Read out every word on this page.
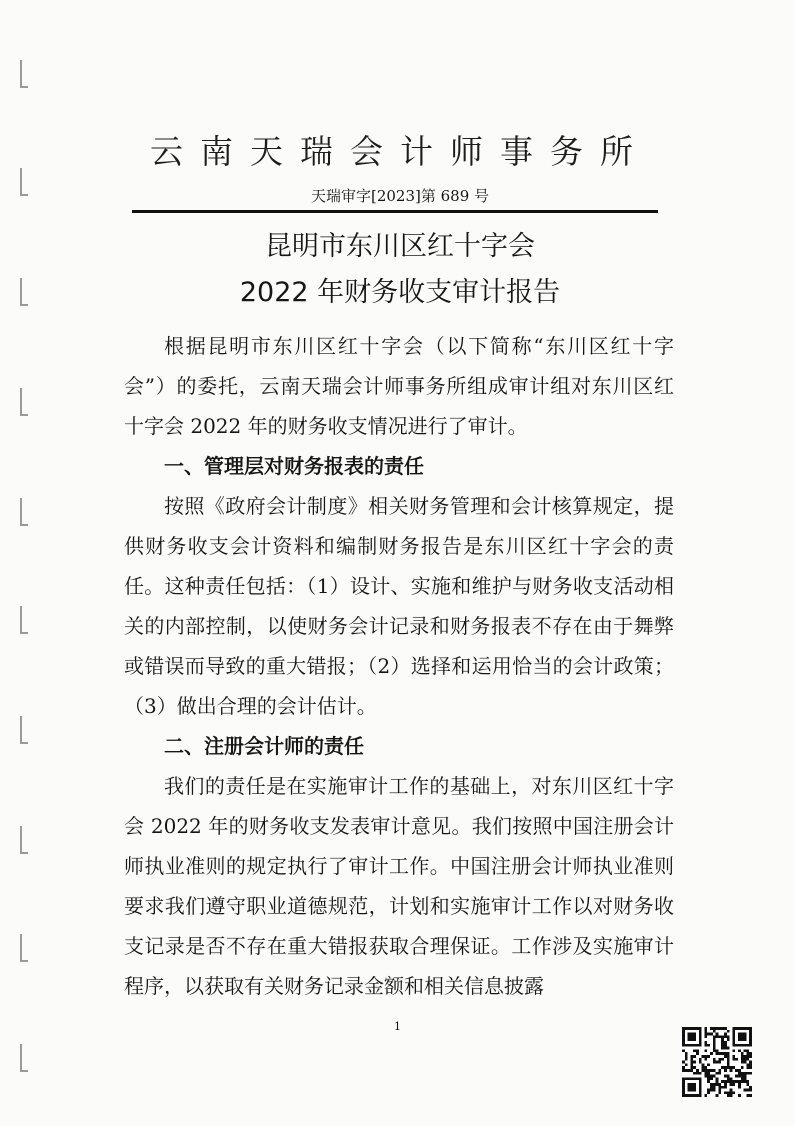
云南天瑞会计师事务所
天瑞审字[2023]第 689 号
昆明市东川区红十字会
2022 年财务收支审计报告

根据昆明市东川区红十字会（以下简称“东川区红十字会”）的委托，云南天瑞会计师事务所组成审计组对东川区红十字会 2022 年的财务收支情况进行了审计。

一、管理层对财务报表的责任

按照《政府会计制度》相关财务管理和会计核算规定，提供财务收支会计资料和编制财务报告是东川区红十字会的责任。这种责任包括：（1）设计、实施和维护与财务收支活动相关的内部控制，以使财务会计记录和财务报表不存在由于舞弊或错误而导致的重大错报；（2）选择和运用恰当的会计政策；（3）做出合理的会计估计。

二、注册会计师的责任

我们的责任是在实施审计工作的基础上，对东川区红十字会 2022 年的财务收支发表审计意见。我们按照中国注册会计师执业准则的规定执行了审计工作。中国注册会计师执业准则要求我们遵守职业道德规范，计划和实施审计工作以对财务收支记录是否不存在重大错报获取合理保证。工作涉及实施审计程序，以获取有关财务记录金额和相关信息披露

1
